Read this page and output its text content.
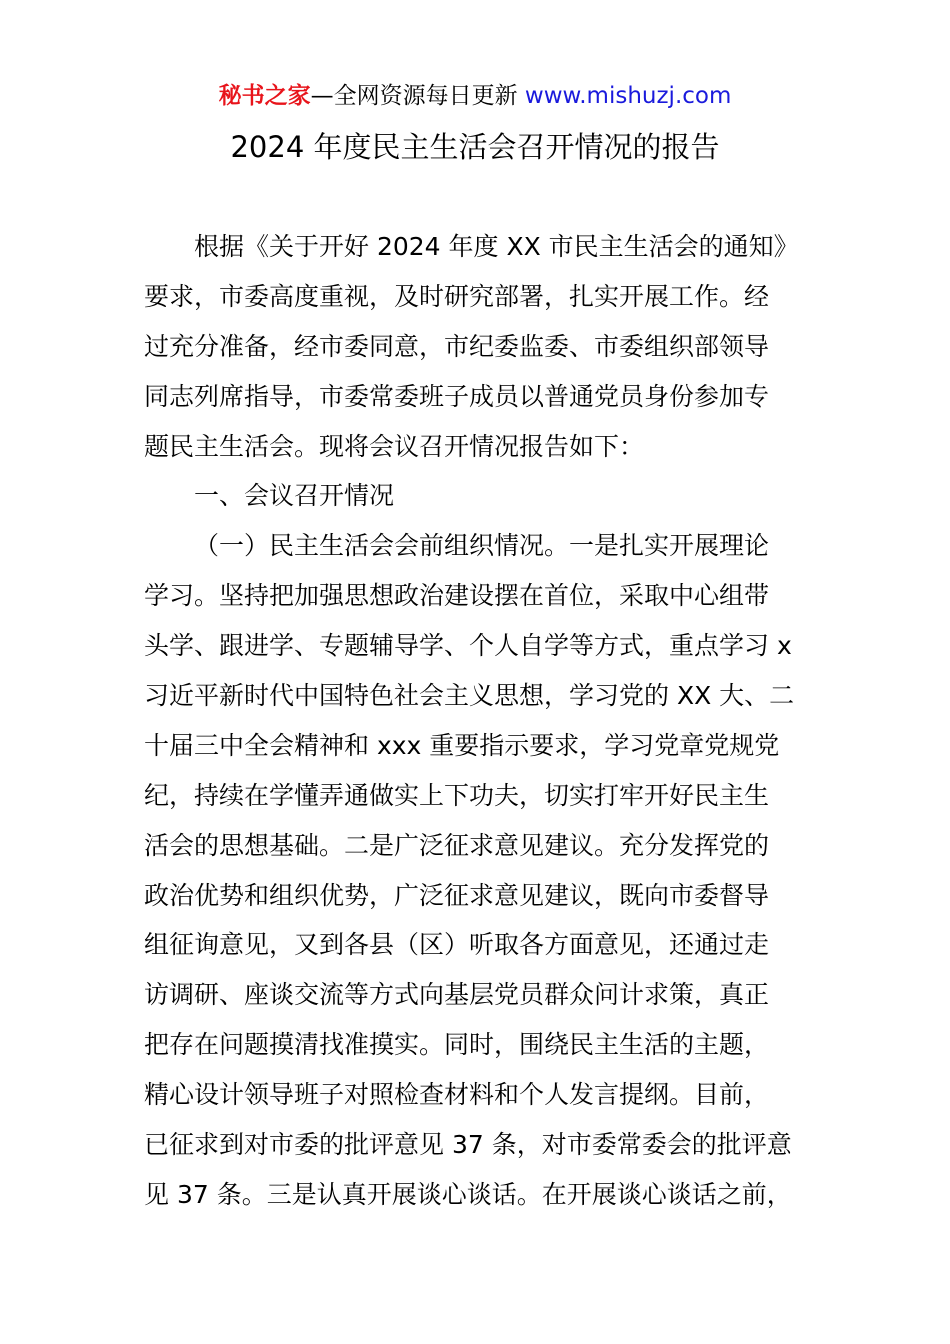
秘书之家—全网资源每日更新 www.mishuzj.com
2024 年度民主生活会召开情况的报告
根据《关于开好 2024 年度 XX 市民主生活会的通知》
要求，市委高度重视，及时研究部署，扎实开展工作。经
过充分准备，经市委同意，市纪委监委、市委组织部领导
同志列席指导，市委常委班子成员以普通党员身份参加专
题民主生活会。现将会议召开情况报告如下：
一、会议召开情况
（一）民主生活会会前组织情况。一是扎实开展理论
学习。坚持把加强思想政治建设摆在首位，采取中心组带
头学、跟进学、专题辅导学、个人自学等方式，重点学习 x
习近平新时代中国特色社会主义思想，学习党的 XX 大、二
十届三中全会精神和 xxx 重要指示要求，学习党章党规党
纪，持续在学懂弄通做实上下功夫，切实打牢开好民主生
活会的思想基础。二是广泛征求意见建议。充分发挥党的
政治优势和组织优势，广泛征求意见建议，既向市委督导
组征询意见，又到各县（区）听取各方面意见，还通过走
访调研、座谈交流等方式向基层党员群众问计求策，真正
把存在问题摸清找准摸实。同时，围绕民主生活的主题，
精心设计领导班子对照检查材料和个人发言提纲。目前，
已征求到对市委的批评意见 37 条，对市委常委会的批评意
见 37 条。三是认真开展谈心谈话。在开展谈心谈话之前，
